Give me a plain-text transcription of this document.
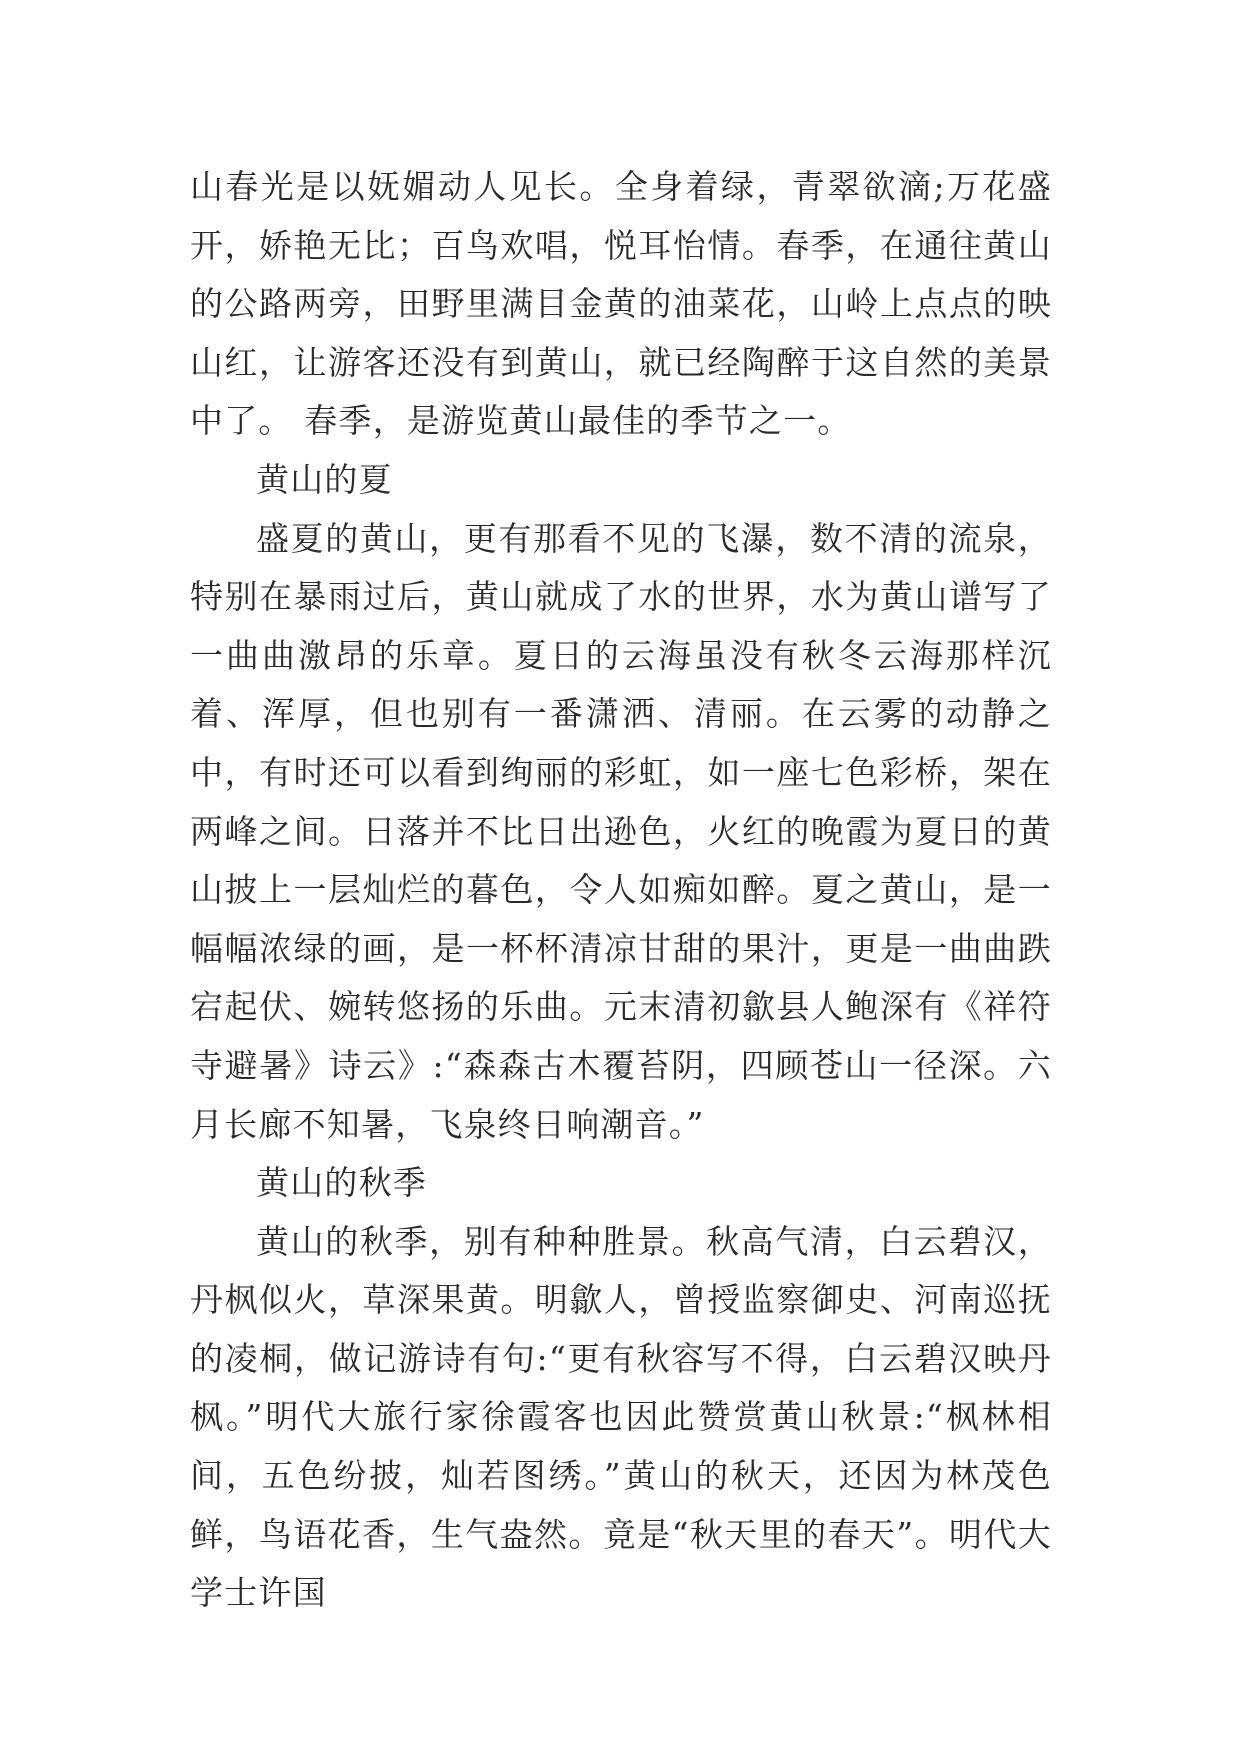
山春光是以妩媚动人见长。全身着绿，青翠欲滴;万花盛开，娇艳无比；百鸟欢唱，悦耳怡情。春季，在通往黄山的公路两旁，田野里满目金黄的油菜花，山岭上点点的映山红，让游客还没有到黄山，就已经陶醉于这自然的美景中了。 春季，是游览黄山最佳的季节之一。

黄山的夏

盛夏的黄山，更有那看不见的飞瀑，数不清的流泉，特别在暴雨过后，黄山就成了水的世界，水为黄山谱写了一曲曲激昂的乐章。夏日的云海虽没有秋冬云海那样沉着、浑厚，但也别有一番潇洒、清丽。在云雾的动静之中，有时还可以看到绚丽的彩虹，如一座七色彩桥，架在两峰之间。日落并不比日出逊色，火红的晚霞为夏日的黄山披上一层灿烂的暮色，令人如痴如醉。夏之黄山，是一幅幅浓绿的画，是一杯杯清凉甘甜的果汁，更是一曲曲跌宕起伏、婉转悠扬的乐曲。元末清初歙县人鲍深有《祥符寺避暑》诗云》:“森森古木覆苔阴，四顾苍山一径深。六月长廊不知暑，飞泉终日响潮音。”

黄山的秋季

黄山的秋季，别有种种胜景。秋高气清，白云碧汉，丹枫似火，草深果黄。明歙人，曾授监察御史、河南巡抚的凌桐，做记游诗有句:“更有秋容写不得，白云碧汉映丹枫。”明代大旅行家徐霞客也因此赞赏黄山秋景:“枫林相间，五色纷披，灿若图绣。”黄山的秋天，还因为林茂色鲜，鸟语花香，生气盎然。竟是“秋天里的春天”。明代大学士许国
